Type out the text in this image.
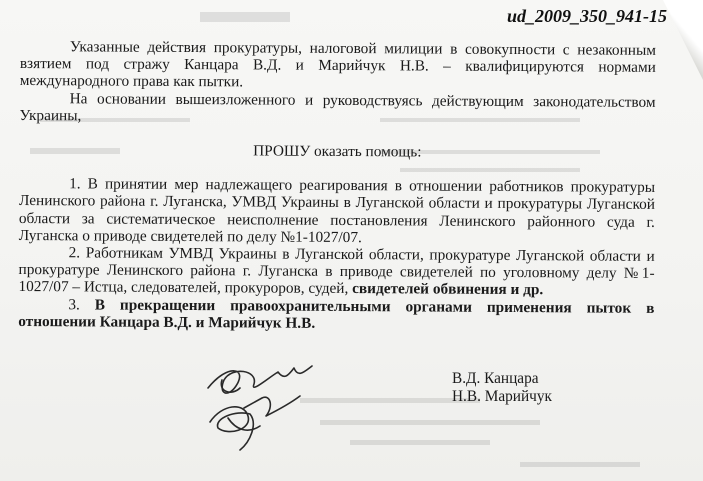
ud_2009_350_941-15

Указанные действия прокуратуры, налоговой милиции в совокупности с незаконным взятием под стражу Канцара В.Д. и Марийчук Н.В. – квалифицируются нормами международного права как пытки.

На основании вышеизложенного и руководствуясь действующим законодательством Украины,

ПРОШУ оказать помощь:

1. В принятии мер надлежащего реагирования в отношении работников прокуратуры Ленинского района г. Луганска, УМВД Украины в Луганской области и прокуратуры Луганской области за систематическое неисполнение постановления Ленинского районного суда г. Луганска о приводе свидетелей по делу №1-1027/07.

2. Работникам УМВД Украины в Луганской области, прокуратуре Луганской области и прокуратуре Ленинского района г. Луганска в приводе свидетелей по уголовному делу №1-1027/07 – Истца, следователей, прокуроров, судей, свидетелей обвинения и др.

3. В прекращении правоохранительными органами применения пыток в отношении Канцара В.Д. и Марийчук Н.В.

В.Д. Канцара
Н.В. Марийчук
